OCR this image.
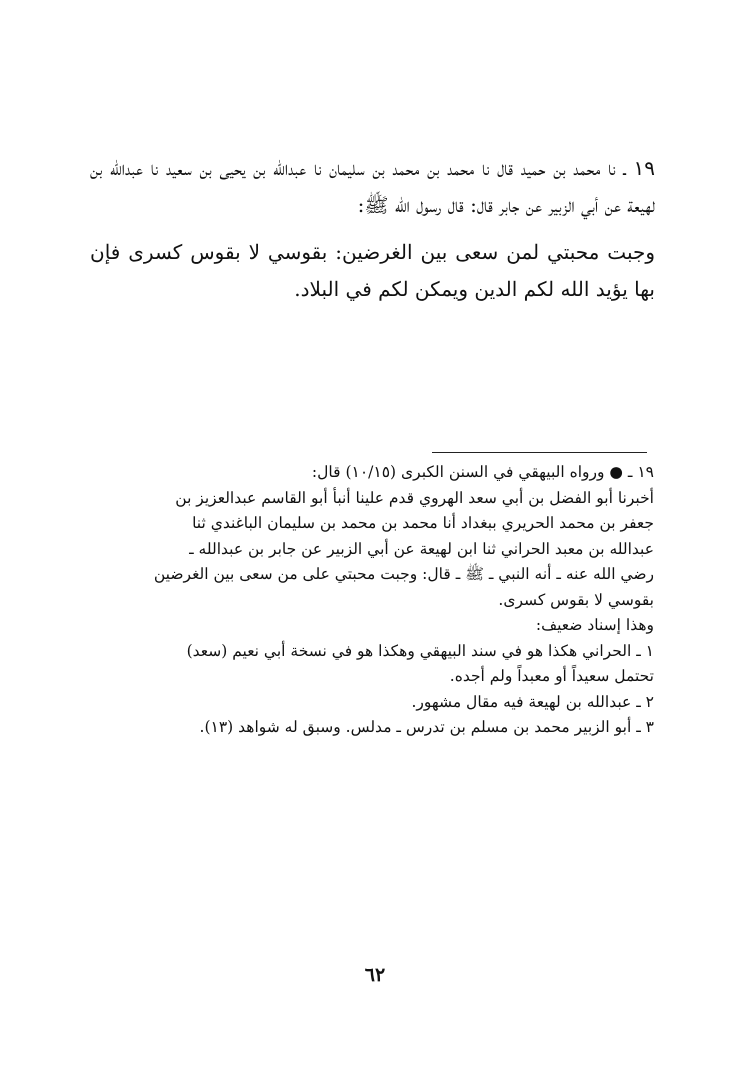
١٩ ـ نا محمد بن حميد قال نا محمد بن محمد بن سليمان نا عبدالله بن يحيى بن سعيد نا عبدالله بن لهيعة عن أبي الزبير عن جابر قال: قال رسول الله ﷺ:

وجبت محبتي لمن سعى بين الغرضين: بقوسي لا بقوس كسرى فإن بها يؤيد الله لكم الدين ويمكن لكم في البلاد.

١٩ ـ ● ورواه البيهقي في السنن الكبرى (١٠/١٥) قال:
أخبرنا أبو الفضل بن أبي سعد الهروي قدم علينا أنبأ أبو القاسم عبدالعزيز بن
جعفر بن محمد الحريري ببغداد أنا محمد بن محمد بن سليمان الباغندي ثنا
عبدالله بن معبد الحراني ثنا ابن لهيعة عن أبي الزبير عن جابر بن عبدالله ـ
رضي الله عنه ـ أنه النبي ـ ﷺ ـ قال: وجبت محبتي على من سعى بين الغرضين
بقوسي لا بقوس كسرى.
وهذا إسناد ضعيف:
١ ـ الحراني هكذا هو في سند البيهقي وهكذا هو في نسخة أبي نعيم (سعد)
تحتمل سعيداً أو معبداً ولم أجده.
٢ ـ عبدالله بن لهيعة فيه مقال مشهور.
٣ ـ أبو الزبير محمد بن مسلم بن تدرس ـ مدلس. وسبق له شواهد (١٣).
٦٢
